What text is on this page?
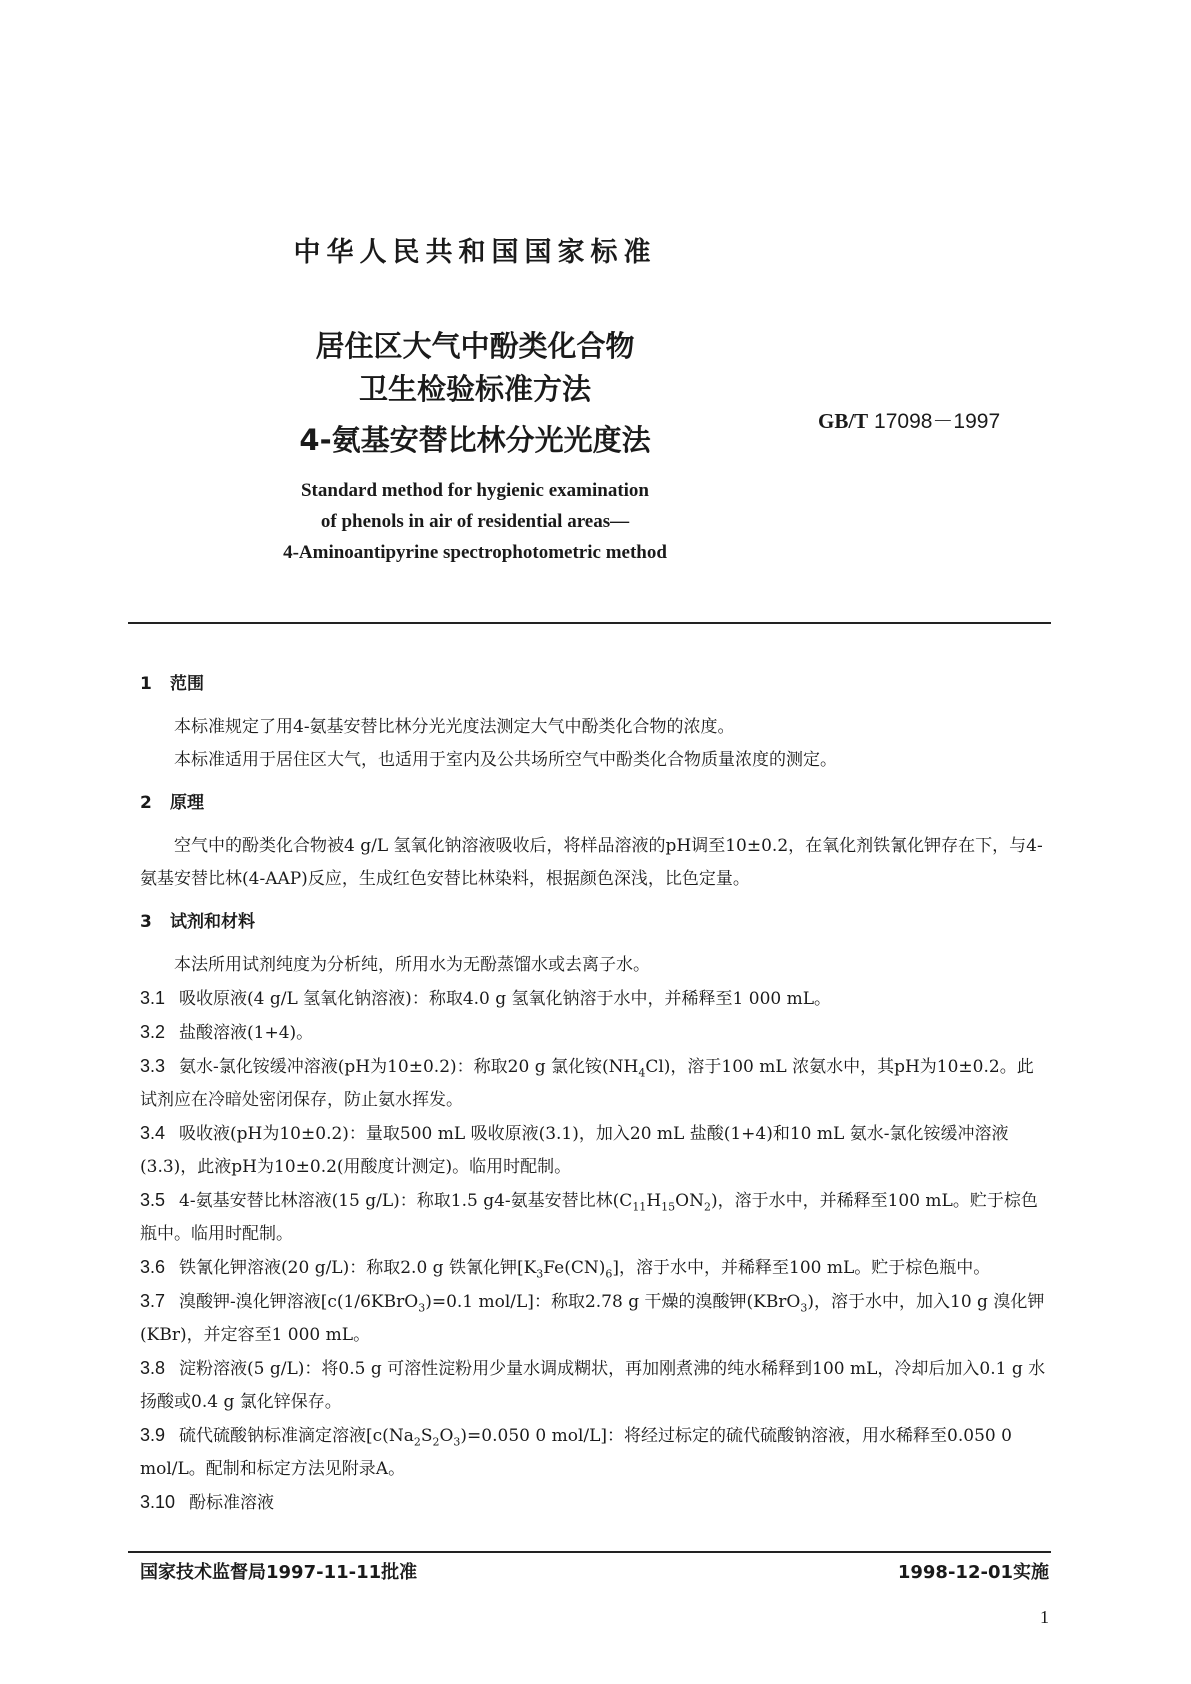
中华人民共和国国家标准
居住区大气中酚类化合物
卫生检验标准方法
4-氨基安替比林分光光度法
GB/T 17098－1997
Standard method for hygienic examination
of phenols in air of residential areas—
4-Aminoantipyrine spectrophotometric method

1 范围

本标准规定了用4-氨基安替比林分光光度法测定大气中酚类化合物的浓度。

本标准适用于居住区大气，也适用于室内及公共场所空气中酚类化合物质量浓度的测定。

2 原理

空气中的酚类化合物被4 g/L 氢氧化钠溶液吸收后，将样品溶液的pH调至10±0.2，在氧化剂铁氰化钾存在下，与4-氨基安替比林(4-AAP)反应，生成红色安替比林染料，根据颜色深浅，比色定量。

3 试剂和材料

本法所用试剂纯度为分析纯，所用水为无酚蒸馏水或去离子水。

3.1 吸收原液(4 g/L 氢氧化钠溶液)：称取4.0 g 氢氧化钠溶于水中，并稀释至1 000 mL。

3.2 盐酸溶液(1+4)。

3.3 氨水-氯化铵缓冲溶液(pH为10±0.2)：称取20 g 氯化铵$(NH_4Cl)$，溶于100 mL 浓氨水中，其pH为10±0.2。此试剂应在冷暗处密闭保存，防止氨水挥发。

3.4 吸收液(pH为10±0.2)：量取500 mL 吸收原液(3.1)，加入20 mL 盐酸(1+4)和10 mL 氨水-氯化铵缓冲溶液(3.3)，此液pH为10±0.2(用酸度计测定)。临用时配制。

3.5 4-氨基安替比林溶液(15 g/L)：称取1.5 g4-氨基安替比林$(C_{11}H_{15}ON_2)$，溶于水中，并稀释至100 mL。贮于棕色瓶中。临用时配制。

3.6 铁氰化钾溶液(20 g/L)：称取2.0 g 铁氰化钾$[K_3Fe(CN)_6]$，溶于水中，并稀释至100 mL。贮于棕色瓶中。

3.7 溴酸钾-溴化钾溶液[c(1/6KBrO$_3$)=0.1 mol/L]：称取2.78 g 干燥的溴酸钾(KBrO$_3$)，溶于水中，加入10 g 溴化钾(KBr)，并定容至1 000 mL。

3.8 淀粉溶液(5 g/L)：将0.5 g 可溶性淀粉用少量水调成糊状，再加刚煮沸的纯水稀释到100 mL，冷却后加入0.1 g 水扬酸或0.4 g 氯化锌保存。

3.9 硫代硫酸钠标准滴定溶液[$c(Na_2S_2O_3)=0.050$ 0 mol/L]：将经过标定的硫代硫酸钠溶液，用水稀释至0.050 0 mol/L。配制和标定方法见附录A。

3.10 酚标准溶液

国家技术监督局1997-11-11批准	1998-12-01实施
1
